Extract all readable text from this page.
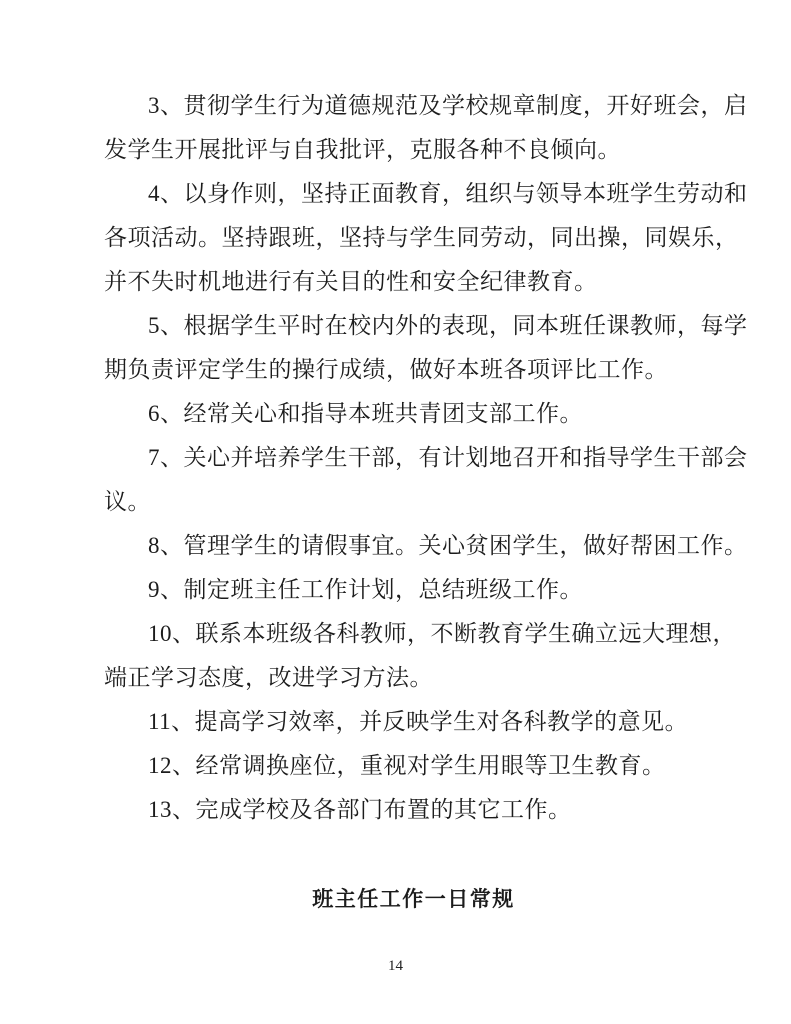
3、贯彻学生行为道德规范及学校规章制度，开好班会，启
发学生开展批评与自我批评，克服各种不良倾向。
4、以身作则，坚持正面教育，组织与领导本班学生劳动和
各项活动。坚持跟班，坚持与学生同劳动，同出操，同娱乐，
并不失时机地进行有关目的性和安全纪律教育。
5、根据学生平时在校内外的表现，同本班任课教师，每学
期负责评定学生的操行成绩，做好本班各项评比工作。
6、经常关心和指导本班共青团支部工作。
7、关心并培养学生干部，有计划地召开和指导学生干部会
议。
8、管理学生的请假事宜。关心贫困学生，做好帮困工作。
9、制定班主任工作计划，总结班级工作。
10、联系本班级各科教师，不断教育学生确立远大理想，
端正学习态度，改进学习方法。
11、提高学习效率，并反映学生对各科教学的意见。
12、经常调换座位，重视对学生用眼等卫生教育。
13、完成学校及各部门布置的其它工作。
班主任工作一日常规
14
